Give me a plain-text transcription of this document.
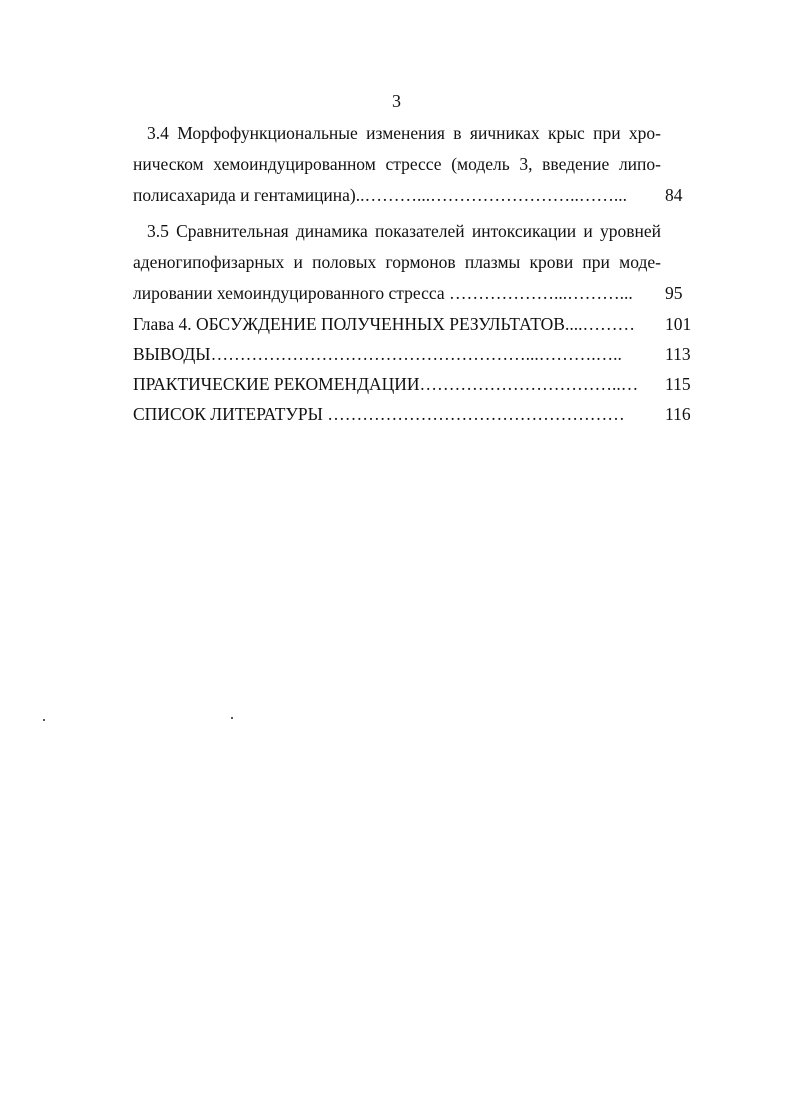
3
3.4 Морфофункциональные изменения в яичниках крыс при хро-
ническом хемоиндуцированном стрессе (модель 3, введение липо-
полисахарида и гентамицина)..………...……………………..……...	84
3.5 Сравнительная динамика показателей интоксикации и уровней
аденогипофизарных и половых гормонов плазмы крови при моде-
лировании хемоиндуцированного стресса ………………...………...	95
Глава 4. ОБСУЖДЕНИЕ ПОЛУЧЕННЫХ РЕЗУЛЬТАТОВ....………	101
ВЫВОДЫ………………………………………………...……….…..	113
ПРАКТИЧЕСКИЕ РЕКОМЕНДАЦИИ……………………………..…	115
СПИСОК ЛИТЕРАТУРЫ ……………………………………………	116
